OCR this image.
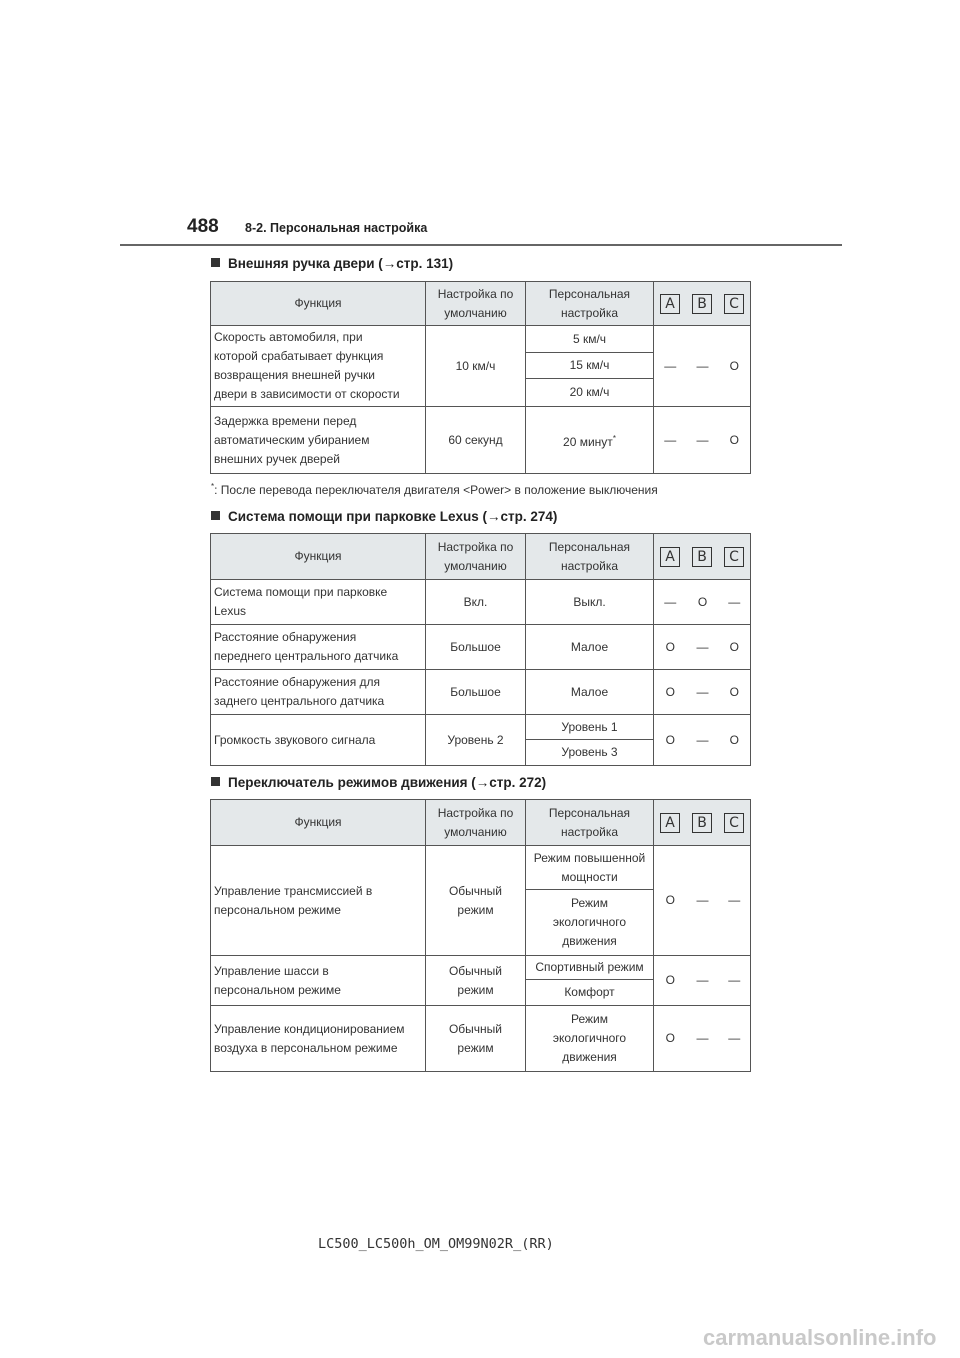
488 8-2. Персональная настройка
Внешняя ручка двери (→стр. 131)
Функция	Настройка по
умолчанию	Персональная
настройка	A B C		
Скорость автомобиля, при
которой срабатывает функция
возвращения внешней ручки
двери в зависимости от скорости	10 км/ч	5 км/ч	—	—	O
		15 км/ч			
		20 км/ч			
Задержка времени перед
автоматическим убиранием
внешних ручек дверей	60 секунд	20 минут*	—	—	O
*: После перевода переключателя двигателя <Power> в положение выключения
Система помощи при парковке Lexus (→стр. 274)
Функция	Настройка по
умолчанию	Персональная
настройка	A B C		
Система помощи при парковке
Lexus	Вкл.	Выкл.	—	O	—
Расстояние обнаружения
переднего центрального датчика	Большое	Малое	O	—	O
Расстояние обнаружения для
заднего центрального датчика	Большое	Малое	O	—	O
Громкость звукового сигнала	Уровень 2	Уровень 1	O	—	O
		Уровень 3			
Переключатель режимов движения (→стр. 272)
Функция	Настройка по
умолчанию	Персональная
настройка	A B C		
Управление трансмиссией в
персональном режиме	Обычный
режим	Режим повышенной
мощности	O	—	—
		Режим
экологичного
движения			
Управление шасси в
персональном режиме	Обычный
режим	Спортивный режим	O	—	—
		Комфорт			
Управление кондиционированием
воздуха в персональном режиме	Обычный
режим	Режим
экологичного
движения	O	—	—
LC500_LC500h_OM_OM99N02R_(RR)
carmanualsonline.info
